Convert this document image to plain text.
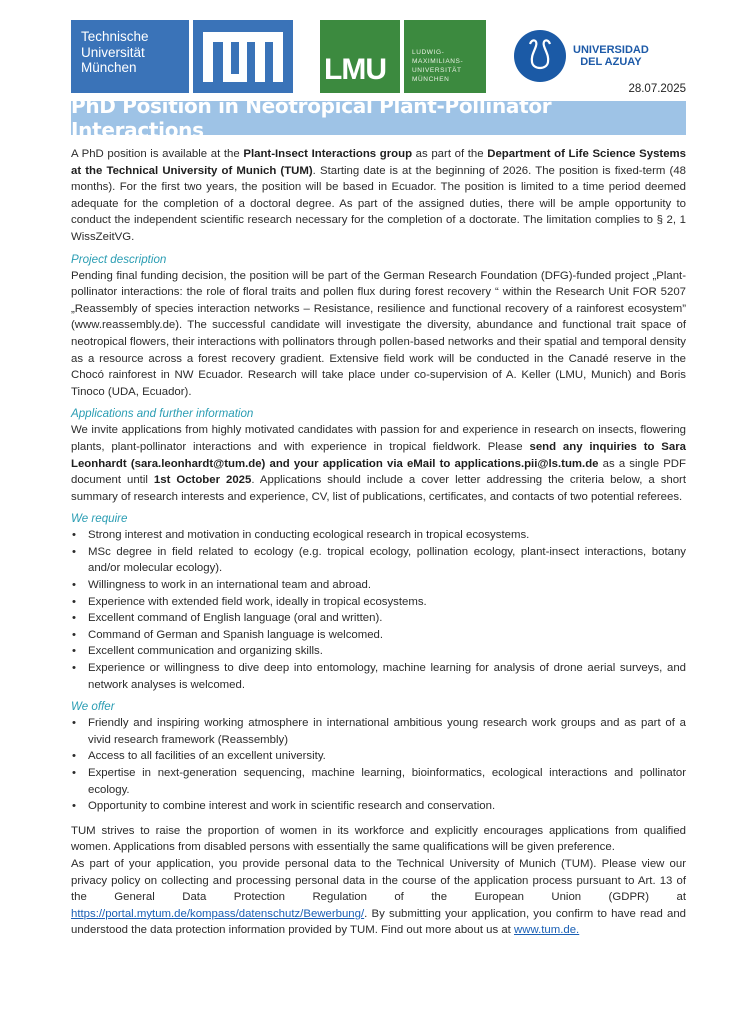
Technische
Universität
München	LMU
LUDWIG-
MAXIMILIANS-
UNIVERSITÄT
MÜNCHEN
UNIVERSIDAD
DEL AZUAY
28.07.2025
PhD Position in Neotropical Plant-Pollinator Interactions

A PhD position is available at the Plant-Insect Interactions group as part of the Department of Life Science Systems at the Technical University of Munich (TUM). Starting date is at the beginning of 2026. The position is fixed-term (48 months). For the first two years, the position will be based in Ecuador. The position is limited to a time period deemed adequate for the completion of a doctoral degree. As part of the assigned duties, there will be ample opportunity to conduct the independent scientific research necessary for the completion of a doctorate. The limitation complies to § 2, 1 WissZeitVG.

Project description

Pending final funding decision, the position will be part of the German Research Foundation (DFG)-funded project „Plant-pollinator interactions: the role of floral traits and pollen flux during forest recovery “ within the Research Unit FOR 5207 „Reassembly of species interaction networks – Resistance, resilience and functional recovery of a rainforest ecosystem” (www.reassembly.de). The successful candidate will investigate the diversity, abundance and functional trait space of neotropical flowers, their interactions with pollinators through pollen-based networks and their spatial and temporal density as a resource across a forest recovery gradient. Extensive field work will be conducted in the Canadé reserve in the Chocó rainforest in NW Ecuador. Research will take place under co-supervision of A. Keller (LMU, Munich) and Boris Tinoco (UDA, Ecuador).

Applications and further information

We invite applications from highly motivated candidates with passion for and experience in research on insects, flowering plants, plant-pollinator interactions and with experience in tropical fieldwork. Please send any inquiries to Sara Leonhardt (sara.leonhardt@tum.de) and your application via eMail to applications.pii@ls.tum.de as a single PDF document until 1st October 2025. Applications should include a cover letter addressing the criteria below, a short summary of research interests and experience, CV, list of publications, certificates, and contacts of two potential referees.

We require
• Strong interest and motivation in conducting ecological research in tropical ecosystems.
• MSc degree in field related to ecology (e.g. tropical ecology, pollination ecology, plant-insect interactions, botany and/or molecular ecology).
• Willingness to work in an international team and abroad.
• Experience with extended field work, ideally in tropical ecosystems.
• Excellent command of English language (oral and written).
• Command of German and Spanish language is welcomed.
• Excellent communication and organizing skills.
• Experience or willingness to dive deep into entomology, machine learning for analysis of drone aerial surveys, and network analyses is welcomed.
We offer
• Friendly and inspiring working atmosphere in international ambitious young research work groups and as part of a vivid research framework (Reassembly)
• Access to all facilities of an excellent university.
• Expertise in next-generation sequencing, machine learning, bioinformatics, ecological interactions and pollinator ecology.
• Opportunity to combine interest and work in scientific research and conservation.

TUM strives to raise the proportion of women in its workforce and explicitly encourages applications from qualified women. Applications from disabled persons with essentially the same qualifications will be given preference.

As part of your application, you provide personal data to the Technical University of Munich (TUM). Please view our privacy policy on collecting and processing personal data in the course of the application process pursuant to Art. 13 of the General Data Protection Regulation of the European Union (GDPR) at https://portal.mytum.de/kompass/datenschutz/Bewerbung/. By submitting your application, you confirm to have read and understood the data protection information provided by TUM. Find out more about us at www.tum.de.
